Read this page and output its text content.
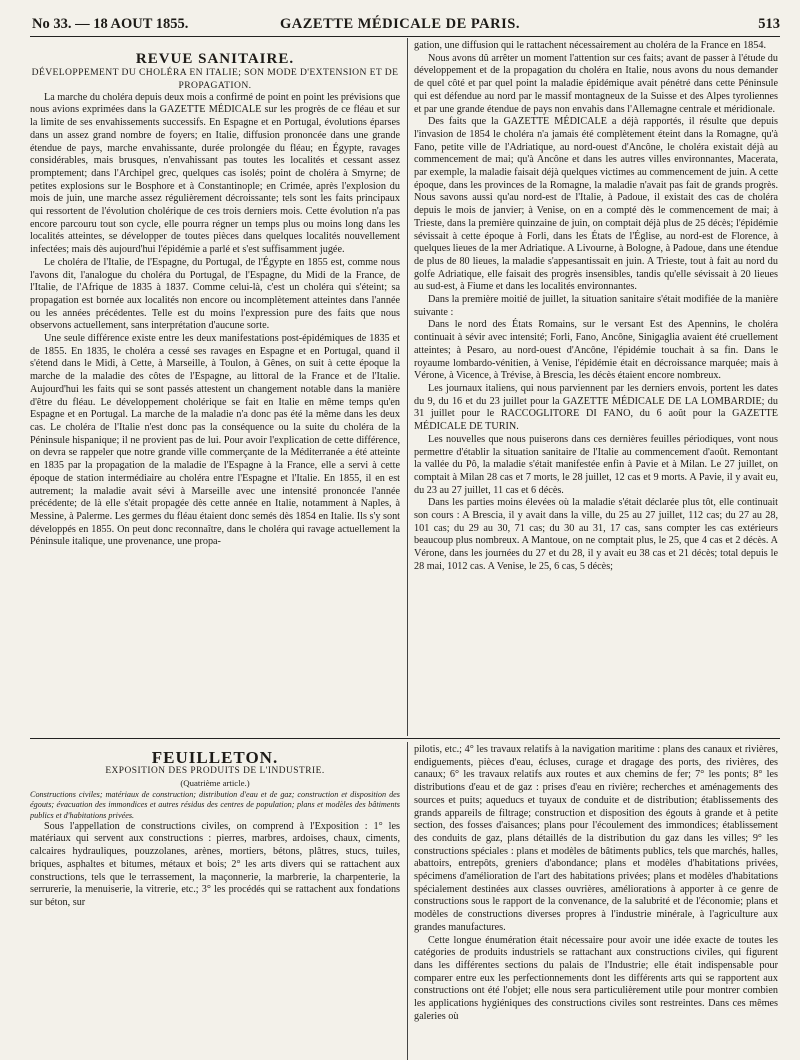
No 33. — 18 AOUT 1855.	GAZETTE MÉDICALE DE PARIS.	513

REVUE SANITAIRE.

DÉVELOPPEMENT DU CHOLÉRA EN ITALIE; SON MODE D'EXTENSION ET DE PROPAGATION.

La marche du choléra depuis deux mois a confirmé de point en point les prévisions que nous avions exprimées dans la GAZETTE MÉDICALE sur les progrès de ce fléau et sur la limite de ses envahissements successifs. En Espagne et en Portugal, évolutions éparses dans un assez grand nombre de foyers; en Italie, diffusion prononcée dans une grande étendue de pays, marche envahissante, durée prolongée du fléau; en Égypte, ravages considérables, mais brusques, n'envahissant pas toutes les localités et cessant assez promptement; dans l'Archipel grec, quelques cas isolés; point de choléra à Smyrne; de petites explosions sur le Bosphore et à Constantinople; en Crimée, après l'explosion du mois de juin, une marche assez régulièrement décroissante; tels sont les faits principaux qui ressortent de l'évolution cholérique de ces trois derniers mois. Cette évolution n'a pas encore parcouru tout son cycle, elle pourra régner un temps plus ou moins long dans les localités atteintes, se développer de toutes pièces dans quelques localités nouvellement infectées; mais dès aujourd'hui l'épidémie a parlé et s'est suffisamment jugée.

Le choléra de l'Italie, de l'Espagne, du Portugal, de l'Égypte en 1855 est, comme nous l'avons dit, l'analogue du choléra du Portugal, de l'Espagne, du Midi de la France, de l'Italie, de l'Afrique de 1835 à 1837. Comme celui-là, c'est un choléra qui s'éteint; sa propagation est bornée aux localités non encore ou incomplètement atteintes dans l'année ou les années précédentes. Telle est du moins l'expression pure des faits que nous observons actuellement, sans interprétation d'aucune sorte.

Une seule différence existe entre les deux manifestations post-épidémiques de 1835 et de 1855. En 1835, le choléra a cessé ses ravages en Espagne et en Portugal, quand il s'étend dans le Midi, à Cette, à Marseille, à Toulon, à Gênes, on suit à cette époque la marche de la maladie des côtes de l'Espagne, au littoral de la France et de l'Italie. Aujourd'hui les faits qui se sont passés attestent un changement notable dans la manière d'être du fléau. Le développement cholérique se fait en Italie en même temps qu'en Espagne et en Portugal. La marche de la maladie n'a donc pas été la même dans les deux cas. Le choléra de l'Italie n'est donc pas la conséquence ou la suite du choléra de la Péninsule hispanique; il ne provient pas de lui. Pour avoir l'explication de cette différence, on devra se rappeler que notre grande ville commerçante de la Méditerranée a été atteinte en 1835 par la propagation de la maladie de l'Espagne à la France, elle a servi à cette époque de station intermédiaire au choléra entre l'Espagne et l'Italie. En 1855, il en est autrement; la maladie avait sévi à Marseille avec une intensité prononcée l'année précédente; de là elle s'était propagée dès cette année en Italie, notamment à Naples, à Messine, à Palerme. Les germes du fléau étaient donc semés dès 1854 en Italie. Ils s'y sont développés en 1855. On peut donc reconnaître, dans le choléra qui ravage actuellement la Péninsule italique, une provenance, une propa-

gation, une diffusion qui le rattachent nécessairement au choléra de la France en 1854.

Nous avons dû arrêter un moment l'attention sur ces faits; avant de passer à l'étude du développement et de la propagation du choléra en Italie, nous avons du nous demander de quel côté et par quel point la maladie épidémique avait pénétré dans cette Péninsule qui est défendue au nord par le massif montagneux de la Suisse et des Alpes tyroliennes et par une grande étendue de pays non envahis dans l'Allemagne centrale et méridionale.

Des faits que la GAZETTE MÉDICALE a déjà rapportés, il résulte que depuis l'invasion de 1854 le choléra n'a jamais été complètement éteint dans la Romagne, qu'à Fano, petite ville de l'Adriatique, au nord-ouest d'Ancône, le choléra existait déjà au commencement de mai; qu'à Ancône et dans les autres villes environnantes, Macerata, par exemple, la maladie faisait déjà quelques victimes au commencement de juin. A cette époque, dans les provinces de la Romagne, la maladie n'avait pas fait de grands progrès. Nous savons aussi qu'au nord-est de l'Italie, à Padoue, il existait des cas de choléra depuis le mois de janvier; à Venise, on en a compté dès le commencement de mai; à Trieste, dans la première quinzaine de juin, on comptait déjà plus de 25 décès; l'épidémie sévissait à cette époque à Forli, dans les États de l'Église, au nord-est de Florence, à quelques lieues de la mer Adriatique. A Livourne, à Bologne, à Padoue, dans une étendue de plus de 80 lieues, la maladie s'appesantissait en juin. A Trieste, tout à fait au nord du golfe Adriatique, elle faisait des progrès insensibles, tandis qu'elle sévissait à 20 lieues au sud-est, à Fiume et dans les localités environnantes.

Dans la première moitié de juillet, la situation sanitaire s'était modifiée de la manière suivante :

Dans le nord des États Romains, sur le versant Est des Apennins, le choléra continuait à sévir avec intensité; Forli, Fano, Ancône, Sinigaglia avaient été cruellement atteintes; à Pesaro, au nord-ouest d'Ancône, l'épidémie touchait à sa fin. Dans le royaume lombardo-vénitien, à Venise, l'épidémie était en décroissance marquée; mais à Vérone, à Vicence, à Trévise, à Brescia, les décès étaient encore nombreux.

Les journaux italiens, qui nous parviennent par les derniers envois, portent les dates du 9, du 16 et du 23 juillet pour la GAZETTE MÉDICALE DE LA LOMBARDIE; du 31 juillet pour le RACCOGLITORE DI FANO, du 6 août pour la GAZETTE MÉDICALE DE TURIN.

Les nouvelles que nous puiserons dans ces dernières feuilles périodiques, vont nous permettre d'établir la situation sanitaire de l'Italie au commencement d'août. Remontant la vallée du Pô, la maladie s'était manifestée enfin à Pavie et à Milan. Le 27 juillet, on comptait à Milan 28 cas et 7 morts, le 28 juillet, 12 cas et 9 morts. A Pavie, il y avait eu, du 23 au 27 juillet, 11 cas et 6 décès.

Dans les parties moins élevées où la maladie s'était déclarée plus tôt, elle continuait son cours : A Brescia, il y avait dans la ville, du 25 au 27 juillet, 112 cas; du 27 au 28, 101 cas; du 29 au 30, 71 cas; du 30 au 31, 17 cas, sans compter les cas extérieurs beaucoup plus nombreux. A Mantoue, on ne comptait plus, le 25, que 4 cas et 2 décès. A Vérone, dans les journées du 27 et du 28, il y avait eu 38 cas et 21 décès; total depuis le 28 mai, 1012 cas. A Venise, le 25, 6 cas, 5 décès;

FEUILLETON.

EXPOSITION DES PRODUITS DE L'INDUSTRIE.

(Quatrième article.)

Constructions civiles; matériaux de construction; distribution d'eau et de gaz; construction et disposition des égouts; évacuation des immondices et autres résidus des centres de population; plans et modèles des bâtiments publics et d'habitations privées.

Sous l'appellation de constructions civiles, on comprend à l'Exposition : 1° les matériaux qui servent aux constructions : pierres, marbres, ardoises, chaux, ciments, calcaires hydrauliques, pouzzolanes, arènes, mortiers, bétons, plâtres, stucs, tuiles, briques, asphaltes et bitumes, métaux et bois; 2° les arts divers qui se rattachent aux constructions, tels que le terrassement, la maçonnerie, la marbrerie, la charpenterie, la serrurerie, la menuiserie, la vitrerie, etc.; 3° les procédés qui se rattachent aux fondations sur béton, sur

pilotis, etc.; 4° les travaux relatifs à la navigation maritime : plans des canaux et rivières, endiguements, pièces d'eau, écluses, curage et dragage des ports, des rivières, des canaux; 6° les travaux relatifs aux routes et aux chemins de fer; 7° les ponts; 8° les distributions d'eau et de gaz : prises d'eau en rivière; recherches et aménagements des sources et puits; aqueducs et tuyaux de conduite et de distribution; établissements des grands appareils de filtrage; construction et disposition des égouts à grande et à petite section, des fosses d'aisances; plans pour l'écoulement des immondices; établissement des conduits de gaz, plans détaillés de la distribution du gaz dans les villes; 9° les constructions spéciales : plans et modèles de bâtiments publics, tels que marchés, halles, abattoirs, entrepôts, greniers d'abondance; plans et modèles d'habitations privées, spécimens d'amélioration de l'art des habitations privées; plans et modèles d'habitations spécialement destinées aux classes ouvrières, améliorations à apporter à ce genre de constructions sous le rapport de la convenance, de la salubrité et de l'économie; plans et modèles de constructions diverses propres à l'industrie minérale, à l'agriculture aux grandes manufactures.

Cette longue énumération était nécessaire pour avoir une idée exacte de toutes les catégories de produits industriels se rattachant aux constructions civiles, qui figurent dans les différentes sections du palais de l'Industrie; elle était indispensable pour comparer entre eux les perfectionnements dont les différents arts qui se rapportent aux constructions ont été l'objet; elle nous sera particulièrement utile pour montrer combien les applications hygiéniques des constructions civiles sont restreintes. Dans ces mêmes galeries où
